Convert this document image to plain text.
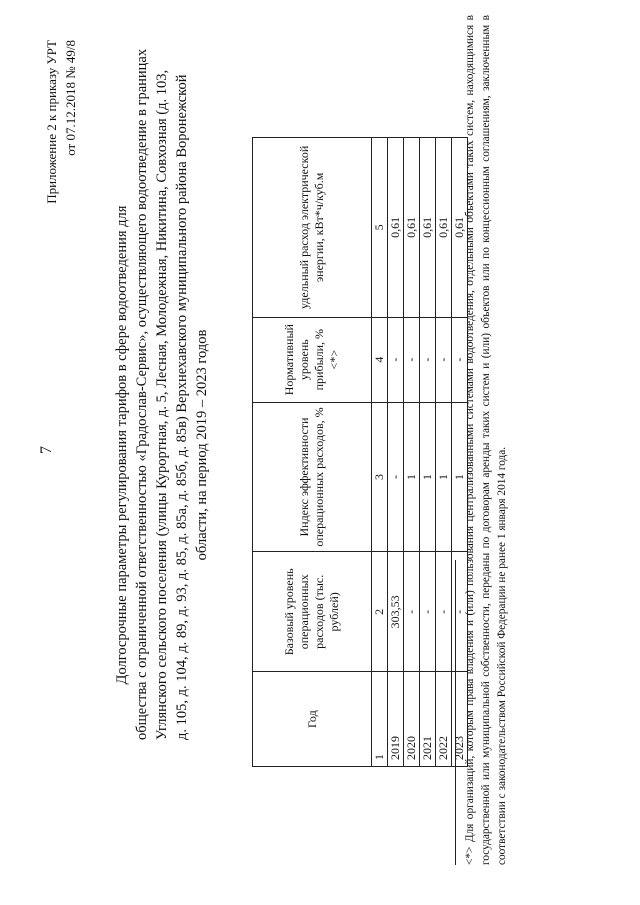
7
Приложение 2 к приказу УРТ от 07.12.2018 № 49/8
Долгосрочные параметры регулирования тарифов в сфере водоотведения для общества с ограниченной ответственностью «Градослав-Сервис», осуществляющего водоотведение в границах Углянского сельского поселения (улицы Курортная, д. 5, Лесная, Молодежная, Никитина, Совхозная (д. 103, д. 105, д. 104, д. 89, д. 93, д. 85, д. 85а, д. 85б, д. 85в) Верхнехавского муниципального района Воронежской области, на период 2019 – 2023 годов
Год	Базовый уровень операционных расходов (тыс. рублей)	Индекс эффективности операционных расходов, %	Нормативный уровень прибыли, % <*>	удельный расход электрической энергии, кВт*ч/куб.м
1	2	3	4	5
2019	303,53	-	-	0,61
2020	-	1	-	0,61
2021	-	1	-	0,61
2022	-	1	-	0,61
2023	-	1	-	0,61
<*> Для организаций, которым права владения и (или) пользования централизованными системами водоотведения, отдельными объектами таких систем, находящимися в государственной или муниципальной собственности, переданы по договорам аренды таких систем и (или) объектов или по концессионным соглашениям, заключенным в соответствии с законодательством Российской Федерации не ранее 1 января 2014 года.
